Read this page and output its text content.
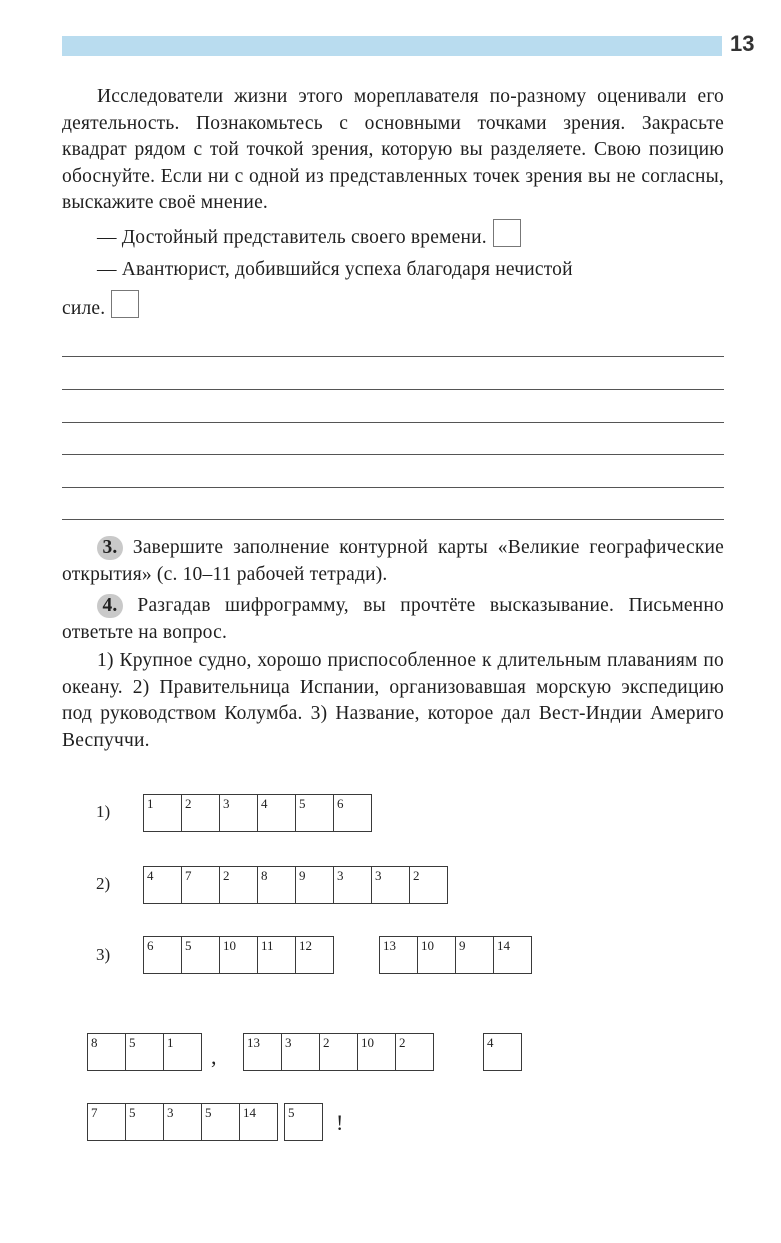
13

Исследователи жизни этого мореплавателя по-разному оценивали его деятельность. Познакомьтесь с основными точками зрения. Закрасьте квадрат рядом с той точкой зрения, которую вы разделяете. Свою позицию обоснуйте. Если ни с одной из представленных точек зрения вы не согласны, выскажите своё мнение.

— Достойный представитель своего времени.

— Авантюрист, добившийся успеха благодаря нечистой

силе.

3. Завершите заполнение контурной карты «Великие географические открытия» (с. 10–11 рабочей тетради).

4. Разгадав шифрограмму, вы прочтёте высказывание. Письменно ответьте на вопрос.

1) Крупное судно, хорошо приспособленное к длительным плаваниям по океану. 2) Правительница Испании, организовавшая морскую экспедицию под руководством Колумба. 3) Название, которое дал Вест-Индии Америго Веспуччи.

1)	1	2	3	4	5	6
2)	4	7	2	8	9	3	3	2
3)	6	5	10	11	12	13	10	9	14
8	5	1
,
13	3	2	10	2	4
7	5	3	5	14	5	!
